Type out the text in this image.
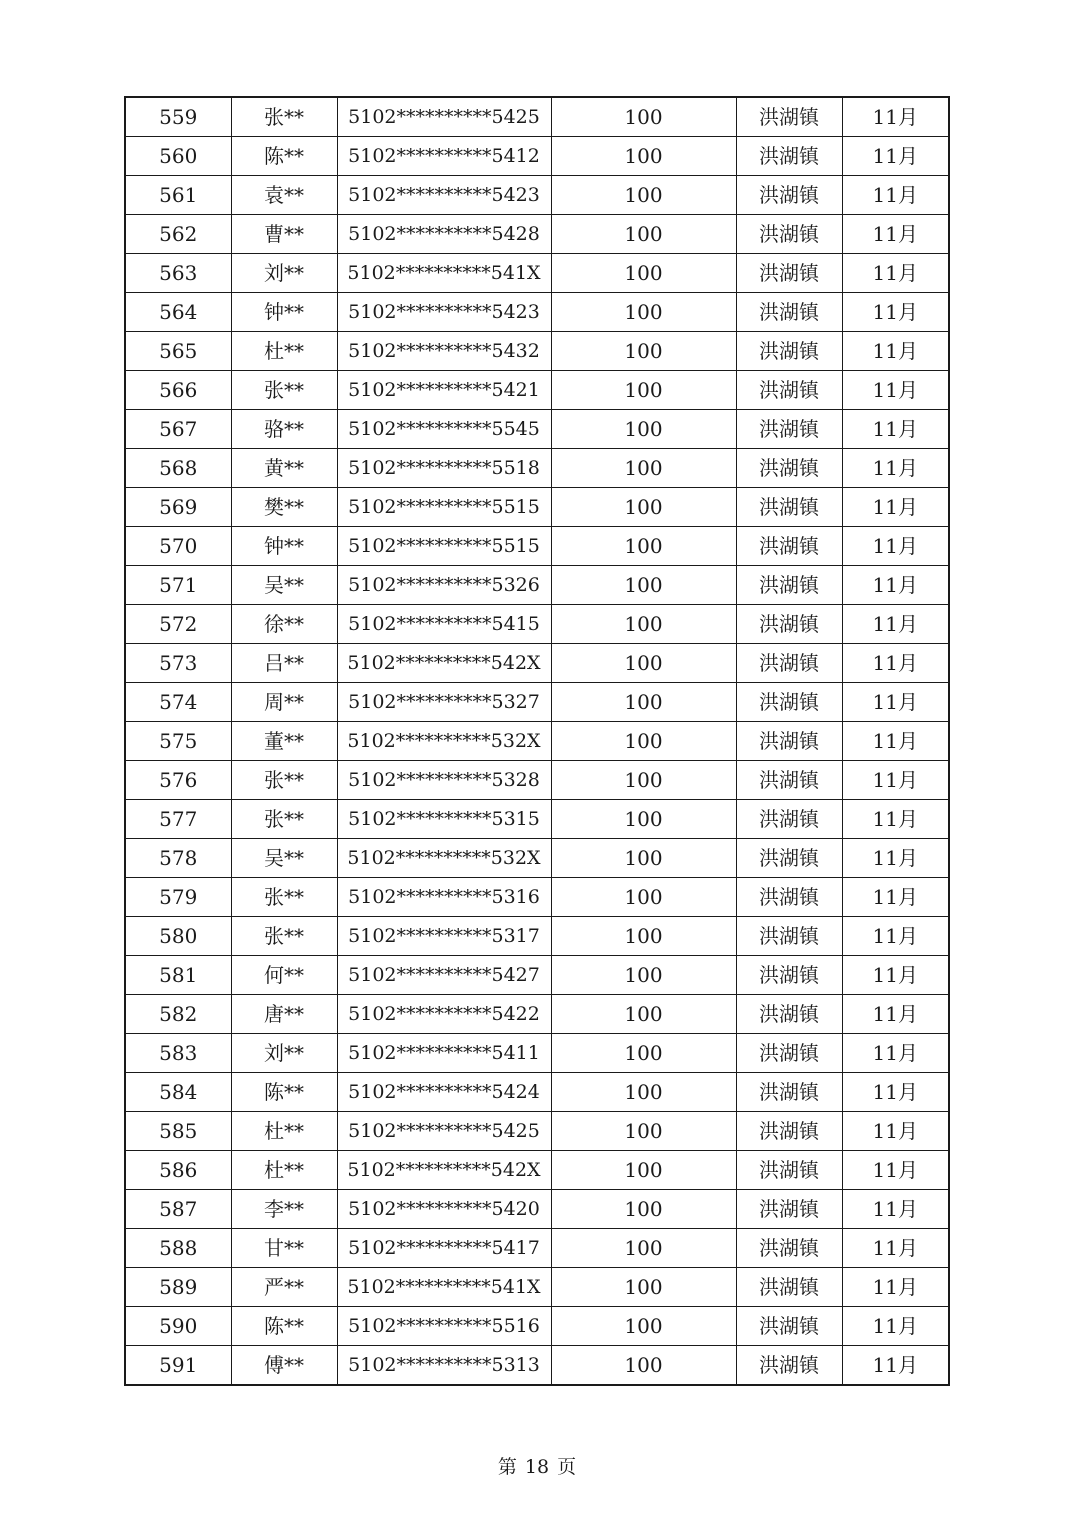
559	张**	5102**********5425	100	洪湖镇	11月
560	陈**	5102**********5412	100	洪湖镇	11月
561	袁**	5102**********5423	100	洪湖镇	11月
562	曹**	5102**********5428	100	洪湖镇	11月
563	刘**	5102**********541X	100	洪湖镇	11月
564	钟**	5102**********5423	100	洪湖镇	11月
565	杜**	5102**********5432	100	洪湖镇	11月
566	张**	5102**********5421	100	洪湖镇	11月
567	骆**	5102**********5545	100	洪湖镇	11月
568	黄**	5102**********5518	100	洪湖镇	11月
569	樊**	5102**********5515	100	洪湖镇	11月
570	钟**	5102**********5515	100	洪湖镇	11月
571	吴**	5102**********5326	100	洪湖镇	11月
572	徐**	5102**********5415	100	洪湖镇	11月
573	吕**	5102**********542X	100	洪湖镇	11月
574	周**	5102**********5327	100	洪湖镇	11月
575	董**	5102**********532X	100	洪湖镇	11月
576	张**	5102**********5328	100	洪湖镇	11月
577	张**	5102**********5315	100	洪湖镇	11月
578	吴**	5102**********532X	100	洪湖镇	11月
579	张**	5102**********5316	100	洪湖镇	11月
580	张**	5102**********5317	100	洪湖镇	11月
581	何**	5102**********5427	100	洪湖镇	11月
582	唐**	5102**********5422	100	洪湖镇	11月
583	刘**	5102**********5411	100	洪湖镇	11月
584	陈**	5102**********5424	100	洪湖镇	11月
585	杜**	5102**********5425	100	洪湖镇	11月
586	杜**	5102**********542X	100	洪湖镇	11月
587	李**	5102**********5420	100	洪湖镇	11月
588	甘**	5102**********5417	100	洪湖镇	11月
589	严**	5102**********541X	100	洪湖镇	11月
590	陈**	5102**********5516	100	洪湖镇	11月
591	傅**	5102**********5313	100	洪湖镇	11月
第 18 页
